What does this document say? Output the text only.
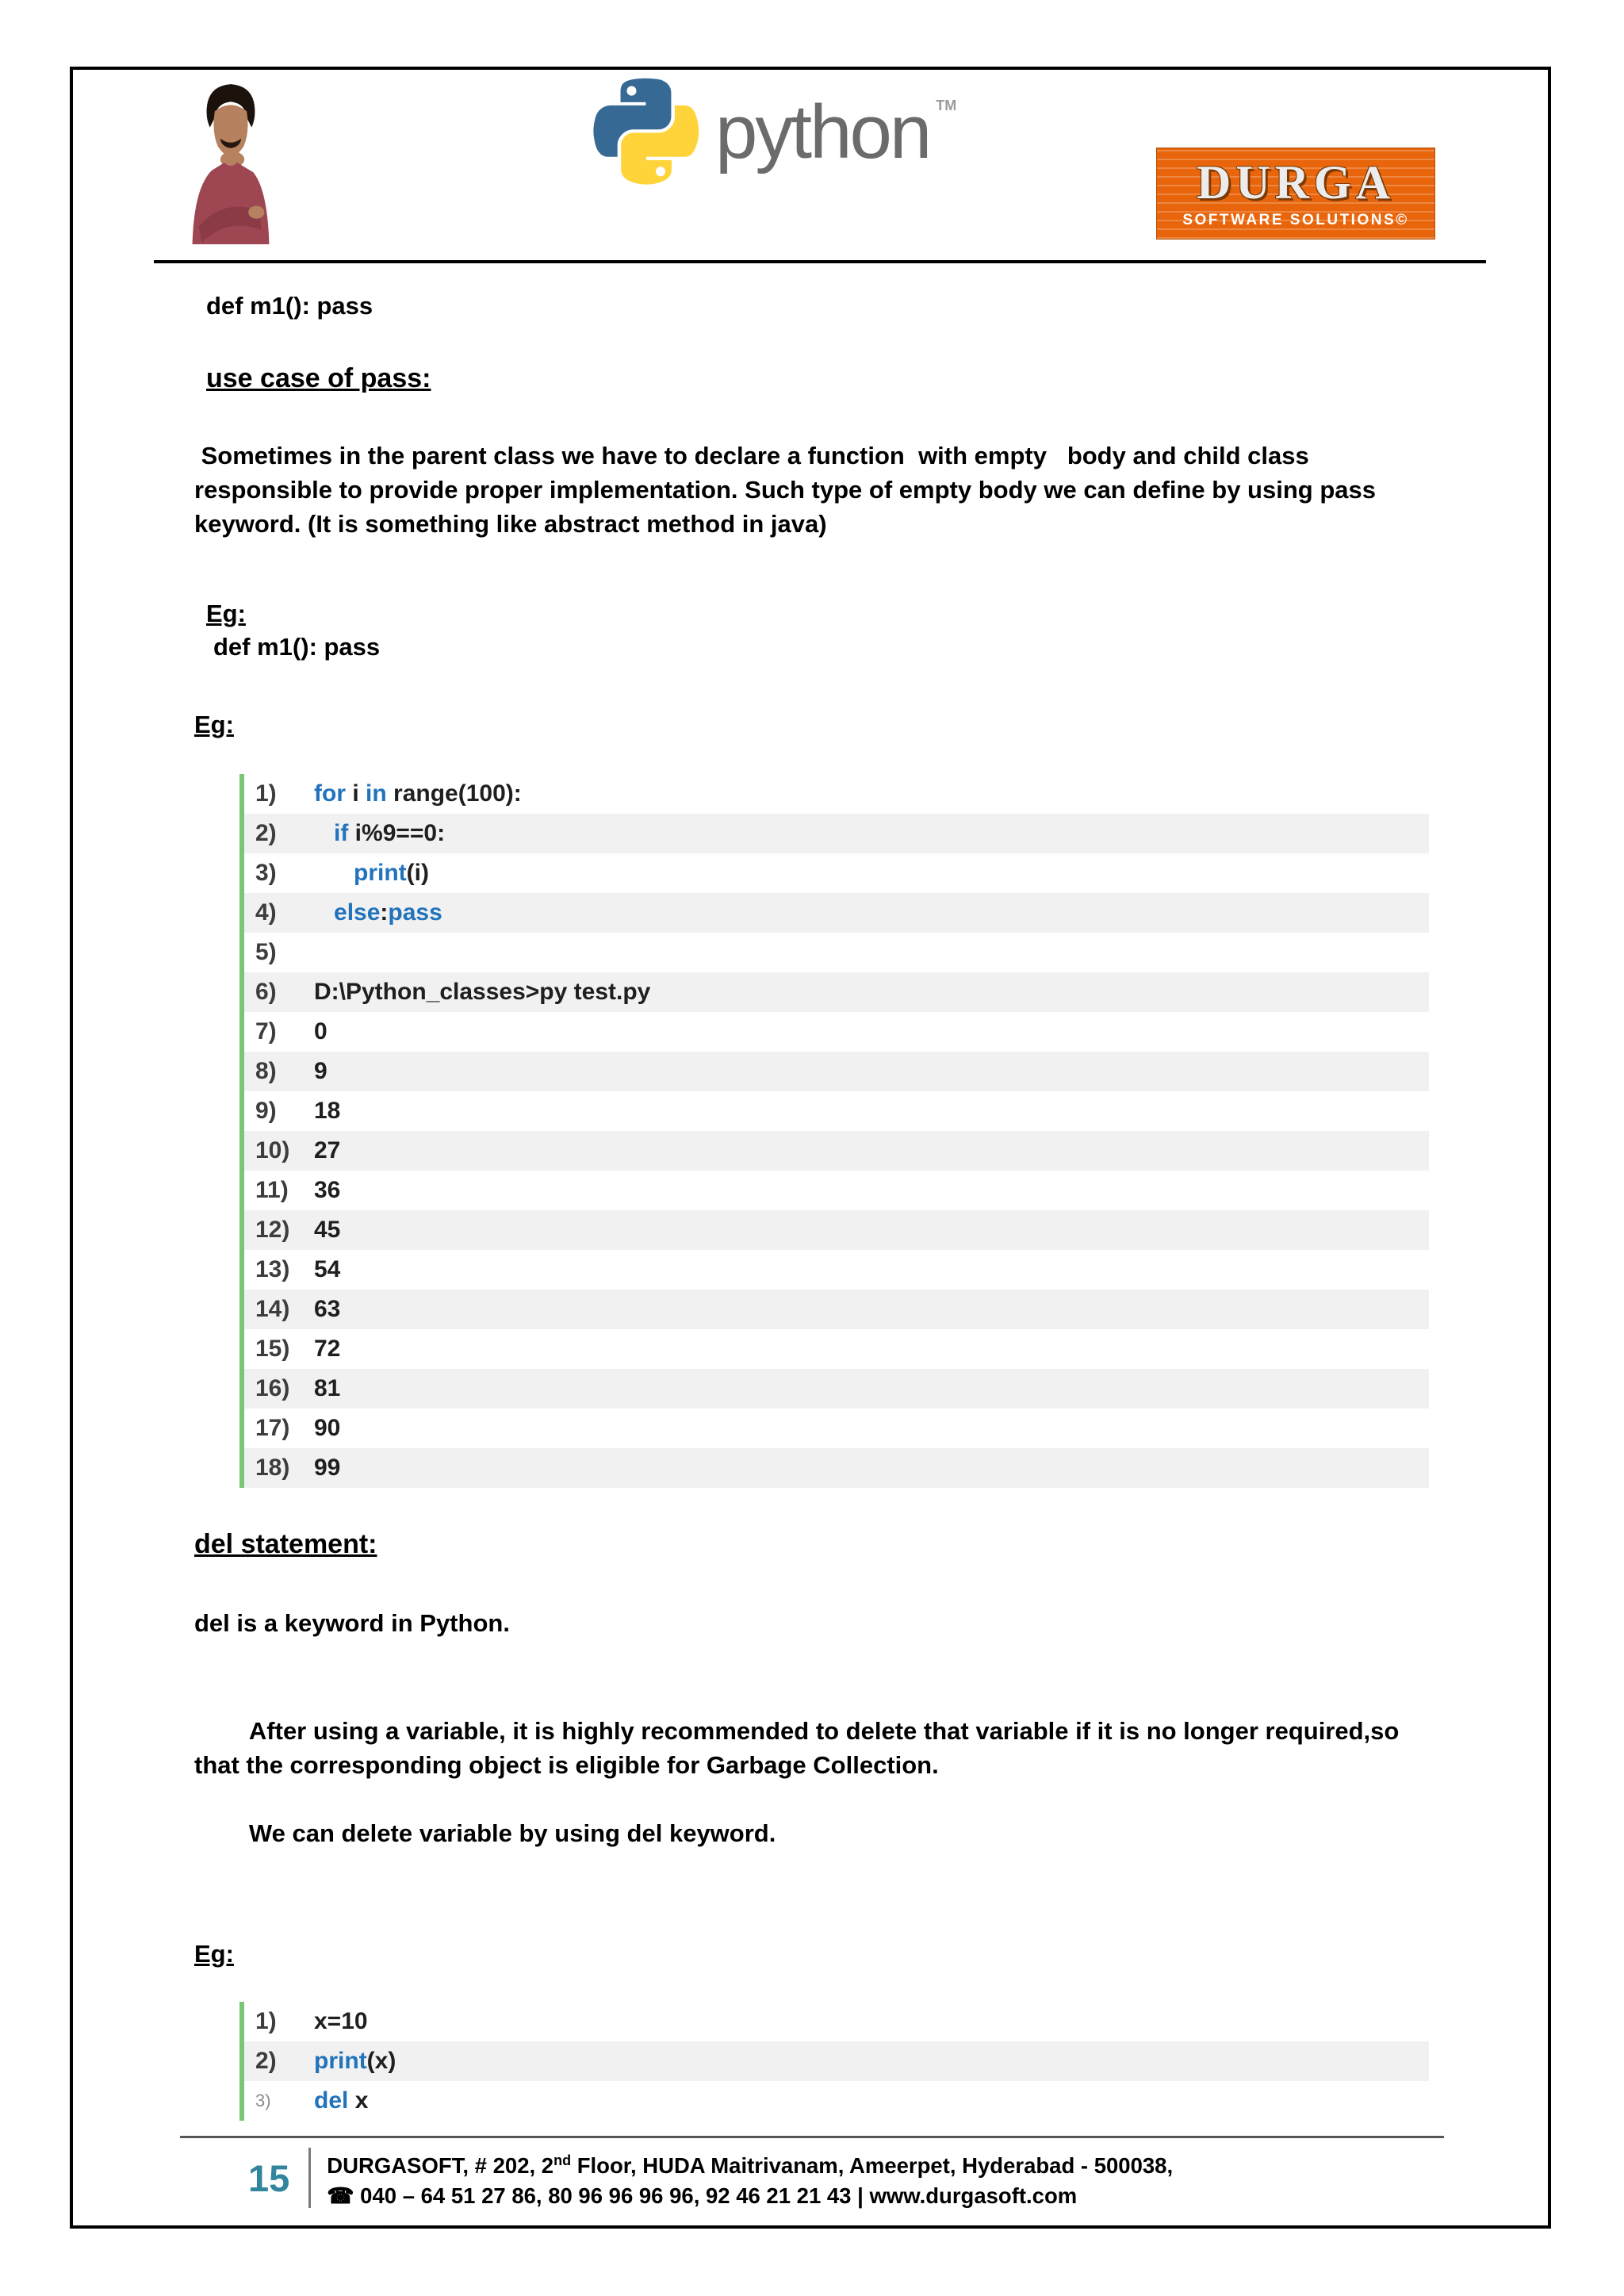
python TM
DURGA
SOFTWARE SOLUTIONS©

def m1(): pass

use case of pass:

Sometimes in the parent class we have to declare a function  with empty   body and child class responsible to provide proper implementation. Such type of empty body we can define by using pass keyword. (It is something like abstract method in java)

Eg:

def m1(): pass

Eg:

1)	for i in range(100):
2)	if i%9==0:
3)	print(i)
4)	else:pass
5)
6)	D:\Python_classes>py test.py
7)	0
8)	9
9)	18
10)	27
11)	36
12)	45
13)	54
14)	63
15)	72
16)	81
17)	90
18)	99
del statement:

del is a keyword in Python.

After using a variable, it is highly recommended to delete that variable if it is no longer required,so that the corresponding object is eligible for Garbage Collection.

We can delete variable by using del keyword.

Eg:

1)	x=10
2)	print(x)
3)	del x
15 DURGASOFT, # 202, 2nd Floor, HUDA Maitrivanam, Ameerpet, Hyderabad - 500038,
☎ 040 – 64 51 27 86, 80 96 96 96 96, 92 46 21 21 43 | www.durgasoft.com
